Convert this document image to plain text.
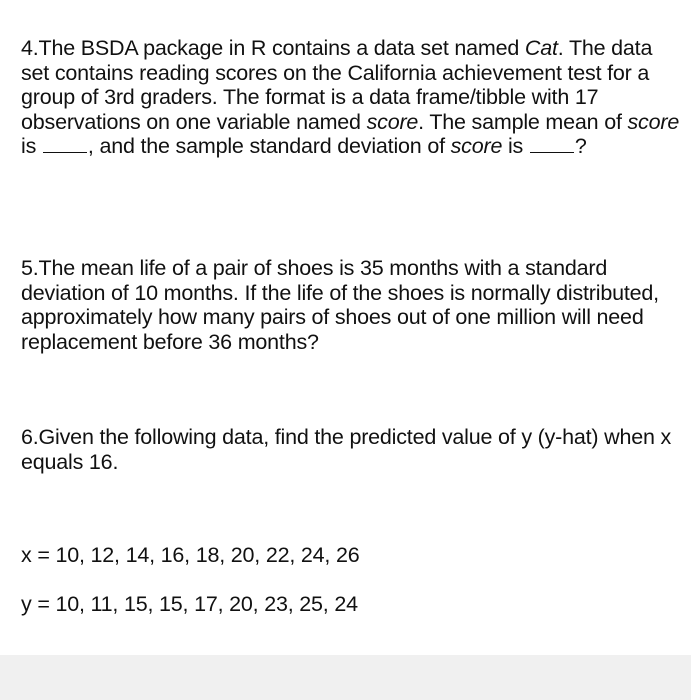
4.The BSDA package in R contains a data set named Cat. The data set contains reading scores on the California achievement test for a group of 3rd graders. The format is a data frame/tibble with 17 observations on one variable named score. The sample mean of score is , and the sample standard deviation of score is ?

5.The mean life of a pair of shoes is 35 months with a standard deviation of 10 months. If the life of the shoes is normally distributed, approximately how many pairs of shoes out of one million will need replacement before 36 months?

6.Given the following data, find the predicted value of y (y-hat) when x equals 16.

x = 10, 12, 14, 16, 18, 20, 22, 24, 26

y = 10, 11, 15, 15, 17, 20, 23, 25, 24
